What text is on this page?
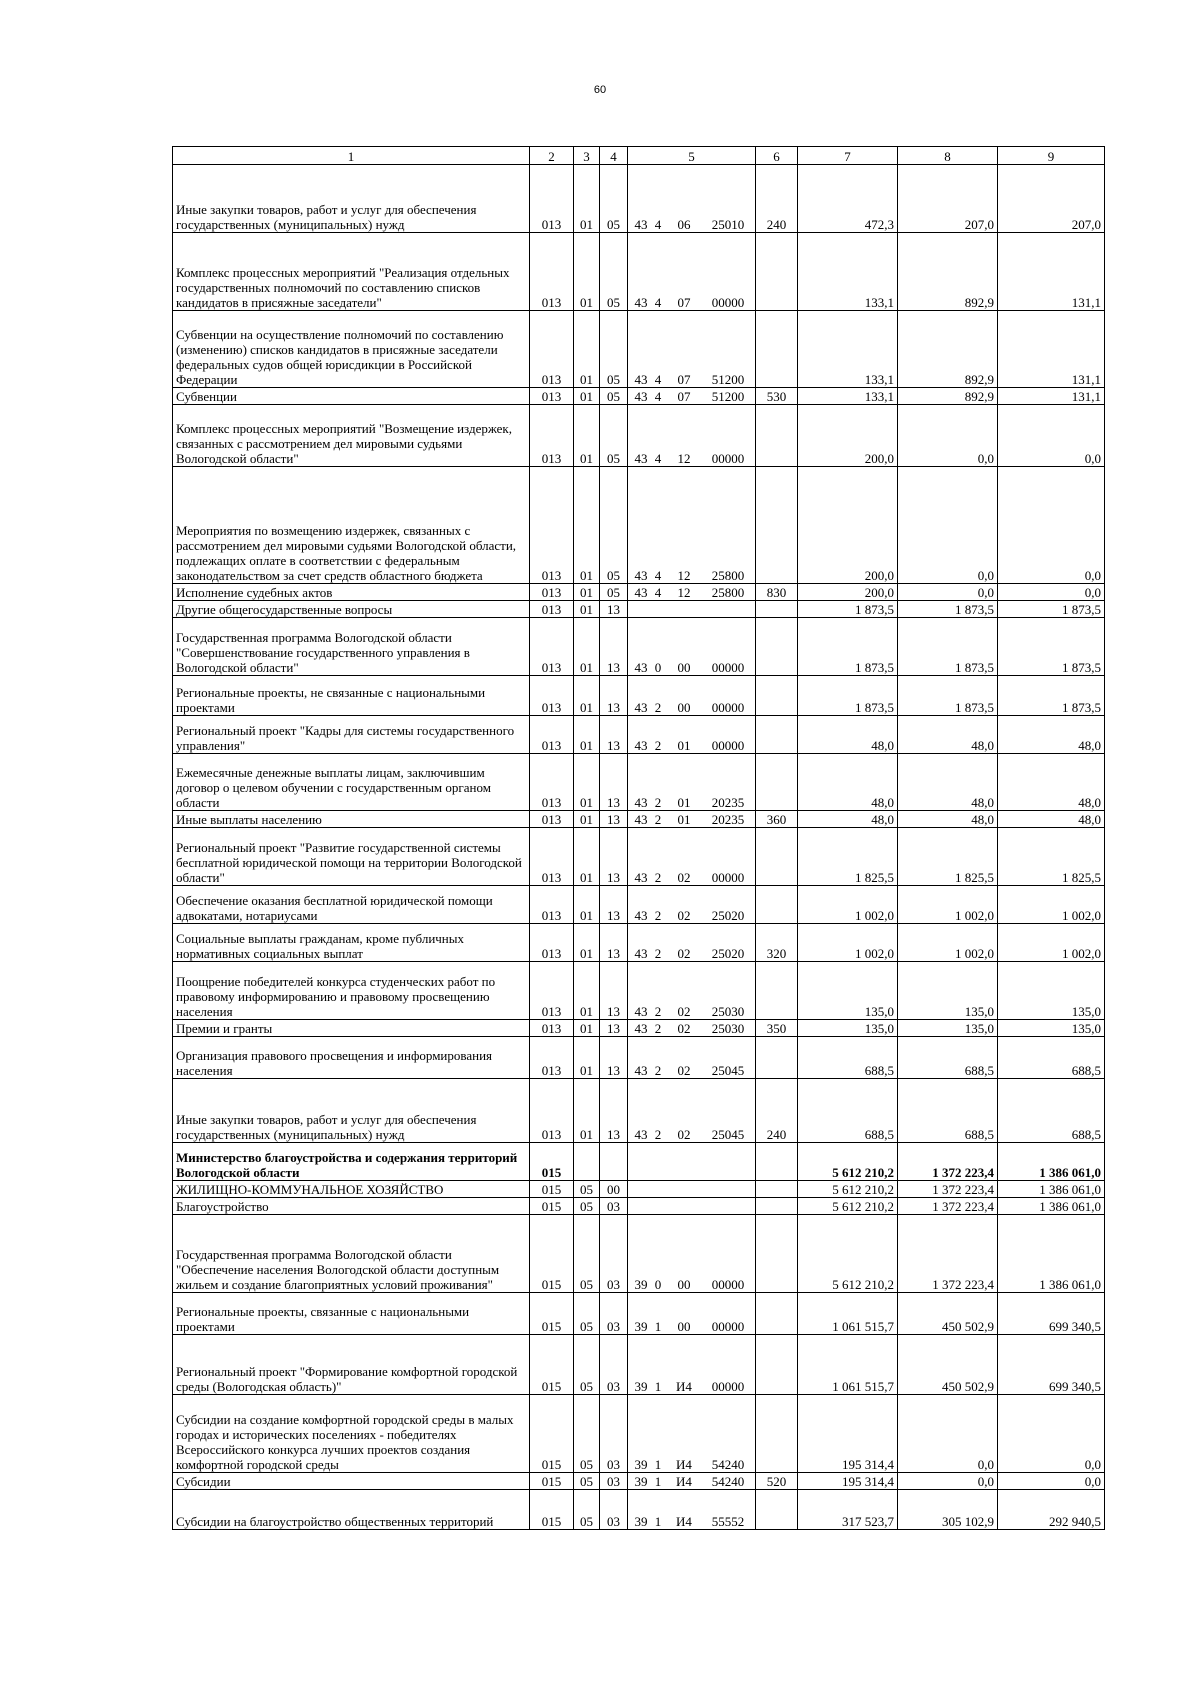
60
1	2	3	4	5	6	7	8	9
Иные закупки товаров, работ и услуг для обеспечения государственных (муниципальных) нужд	013	01	05	43 4 06 25010	240	472,3	207,0	207,0
Комплекс процессных мероприятий "Реализация отдельных государственных полномочий по составлению списков кандидатов в присяжные заседатели"	013	01	05	43 4 07 00000		133,1	892,9	131,1
Субвенции на осуществление полномочий по составлению (изменению) списков кандидатов в присяжные заседатели федеральных судов общей юрисдикции в Российской Федерации	013	01	05	43 4 07 51200		133,1	892,9	131,1
Субвенции	013	01	05	43 4 07 51200	530	133,1	892,9	131,1
Комплекс процессных мероприятий "Возмещение издержек, связанных с рассмотрением дел мировыми судьями Вологодской области"	013	01	05	43 4 12 00000		200,0	0,0	0,0
Мероприятия по возмещению издержек, связанных с рассмотрением дел мировыми судьями Вологодской области, подлежащих оплате в соответствии с федеральным законодательством за счет средств областного бюджета	013	01	05	43 4 12 25800		200,0	0,0	0,0
Исполнение судебных актов	013	01	05	43 4 12 25800	830	200,0	0,0	0,0
Другие общегосударственные вопросы	013	01	13			1 873,5	1 873,5	1 873,5
Государственная программа Вологодской области "Совершенствование государственного управления в Вологодской области"	013	01	13	43 0 00 00000		1 873,5	1 873,5	1 873,5
Региональные проекты, не связанные с национальными проектами	013	01	13	43 2 00 00000		1 873,5	1 873,5	1 873,5
Региональный проект "Кадры для системы государственного управления"	013	01	13	43 2 01 00000		48,0	48,0	48,0
Ежемесячные денежные выплаты лицам, заключившим договор о целевом обучении с государственным органом области	013	01	13	43 2 01 20235		48,0	48,0	48,0
Иные выплаты населению	013	01	13	43 2 01 20235	360	48,0	48,0	48,0
Региональный проект "Развитие государственной системы бесплатной юридической помощи на территории Вологодской области"	013	01	13	43 2 02 00000		1 825,5	1 825,5	1 825,5
Обеспечение оказания бесплатной юридической помощи адвокатами, нотариусами	013	01	13	43 2 02 25020		1 002,0	1 002,0	1 002,0
Социальные выплаты гражданам, кроме публичных нормативных социальных выплат	013	01	13	43 2 02 25020	320	1 002,0	1 002,0	1 002,0
Поощрение победителей конкурса студенческих работ по правовому информированию и правовому просвещению населения	013	01	13	43 2 02 25030		135,0	135,0	135,0
Премии и гранты	013	01	13	43 2 02 25030	350	135,0	135,0	135,0
Организация правового просвещения и информирования населения	013	01	13	43 2 02 25045		688,5	688,5	688,5
Иные закупки товаров, работ и услуг для обеспечения государственных (муниципальных) нужд	013	01	13	43 2 02 25045	240	688,5	688,5	688,5
Министерство благоустройства и содержания территорий Вологодской области	015					5 612 210,2	1 372 223,4	1 386 061,0
ЖИЛИЩНО-КОММУНАЛЬНОЕ ХОЗЯЙСТВО	015	05	00			5 612 210,2	1 372 223,4	1 386 061,0
Благоустройство	015	05	03			5 612 210,2	1 372 223,4	1 386 061,0
Государственная программа Вологодской области "Обеспечение населения Вологодской области доступным жильем и создание благоприятных условий проживания"	015	05	03	39 0 00 00000		5 612 210,2	1 372 223,4	1 386 061,0
Региональные проекты, связанные с национальными проектами	015	05	03	39 1 00 00000		1 061 515,7	450 502,9	699 340,5
Региональный проект "Формирование комфортной городской среды (Вологодская область)"	015	05	03	39 1 И4 00000		1 061 515,7	450 502,9	699 340,5
Субсидии на создание комфортной городской среды в малых городах и исторических поселениях - победителях Всероссийского конкурса лучших проектов создания комфортной городской среды	015	05	03	39 1 И4 54240		195 314,4	0,0	0,0
Субсидии	015	05	03	39 1 И4 54240	520	195 314,4	0,0	0,0
Субсидии на благоустройство общественных территорий	015	05	03	39 1 И4 55552		317 523,7	305 102,9	292 940,5
